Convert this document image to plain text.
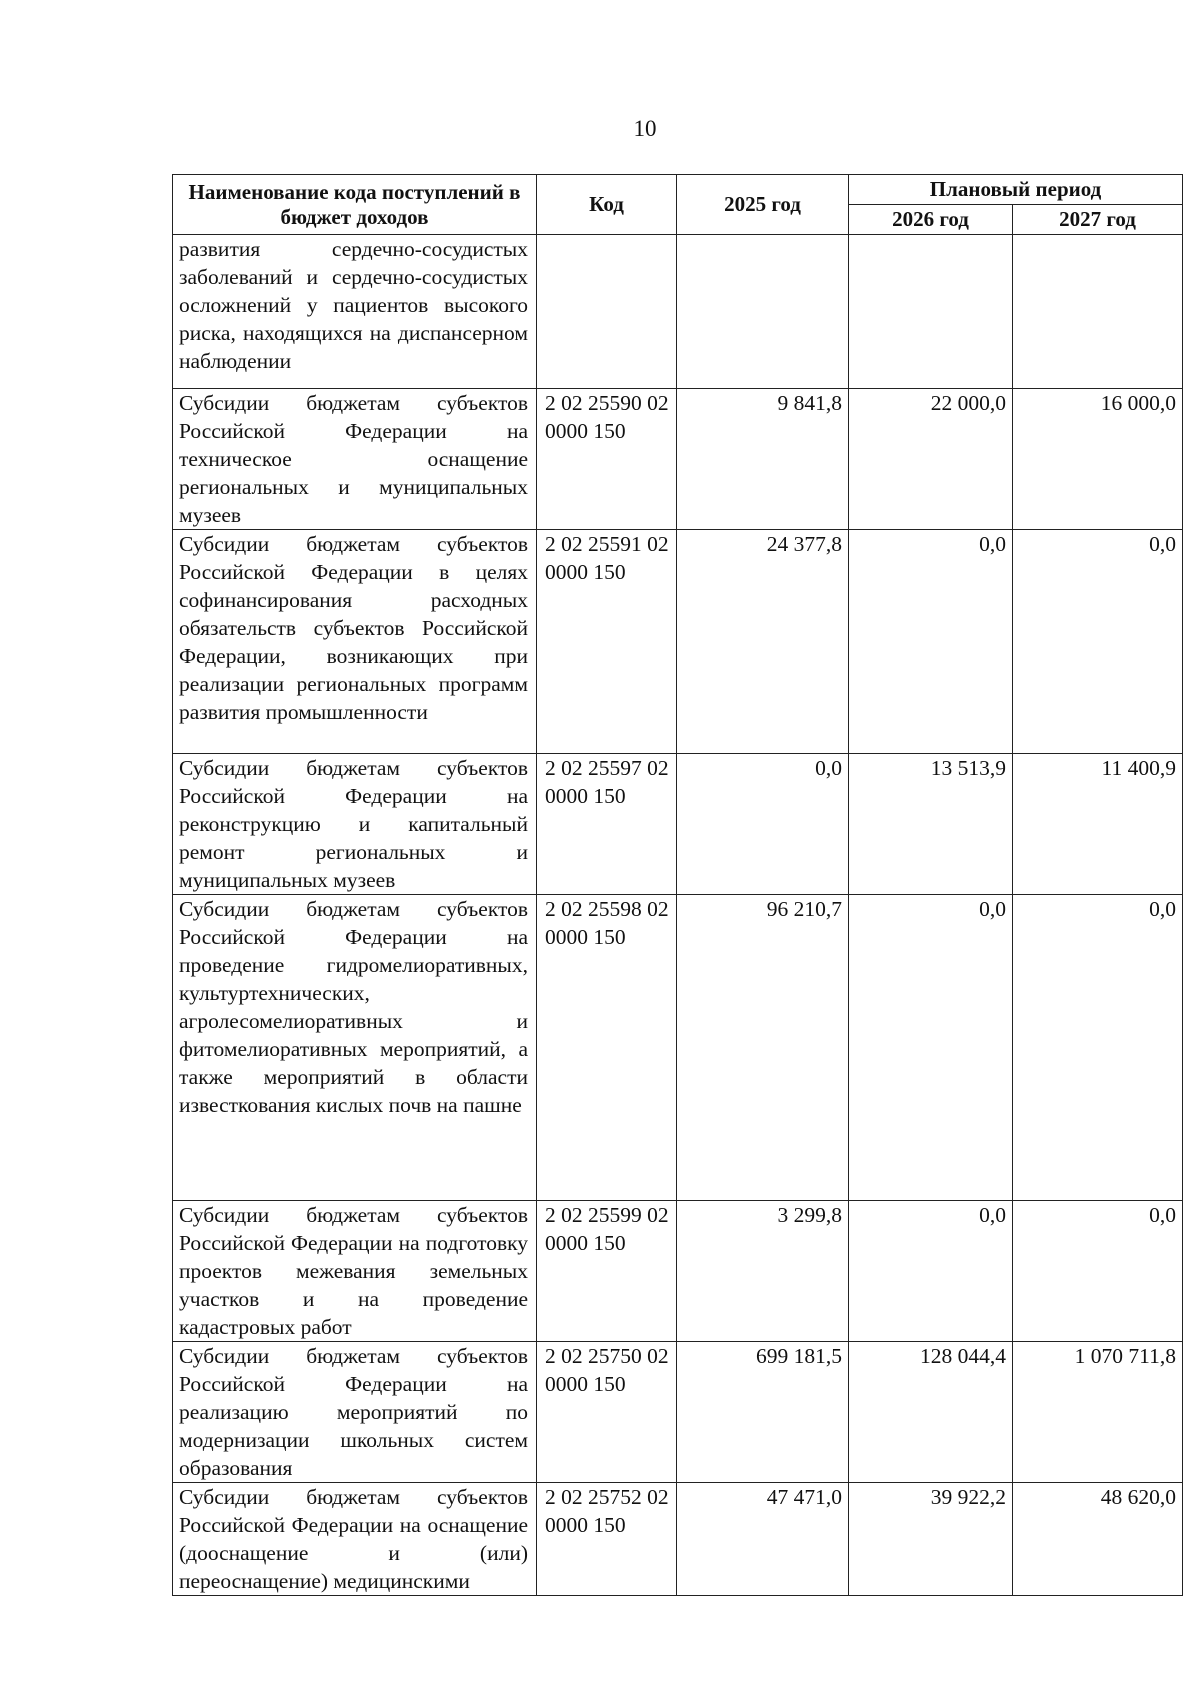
10
Наименование кода поступлений в бюджет доходов	Код	2025 год	Плановый период	
			2026 год	2027 год
развития сердечно-сосудистых заболеваний и сердечно-сосудистых осложнений у пациентов высокого риска, находящихся на диспансерном наблюдении				
Субсидии бюджетам субъектов Российской Федерации на техническое оснащение региональных и муниципальных музеев	2 02 25590 02 0000 150	9 841,8	22 000,0	16 000,0
Субсидии бюджетам субъектов Российской Федерации в целях софинансирования расходных обязательств субъектов Российской Федерации, возникающих при реализации региональных программ развития промышленности	2 02 25591 02 0000 150	24 377,8	0,0	0,0
Субсидии бюджетам субъектов Российской Федерации на реконструкцию и капитальный ремонт региональных и муниципальных музеев	2 02 25597 02 0000 150	0,0	13 513,9	11 400,9
Субсидии бюджетам субъектов Российской Федерации на проведение гидромелиоративных, культуртехнических, агролесомелиоративных и фитомелиоративных мероприятий, а также мероприятий в области известкования кислых почв на пашне	2 02 25598 02 0000 150	96 210,7	0,0	0,0
Субсидии бюджетам субъектов Российской Федерации на подготовку проектов межевания земельных участков и на проведение кадастровых работ	2 02 25599 02 0000 150	3 299,8	0,0	0,0
Субсидии бюджетам субъектов Российской Федерации на реализацию мероприятий по модернизации школьных систем образования	2 02 25750 02 0000 150	699 181,5	128 044,4	1 070 711,8
Субсидии бюджетам субъектов Российской Федерации на оснащение (дооснащение и (или) переоснащение) медицинскими	2 02 25752 02 0000 150	47 471,0	39 922,2	48 620,0
